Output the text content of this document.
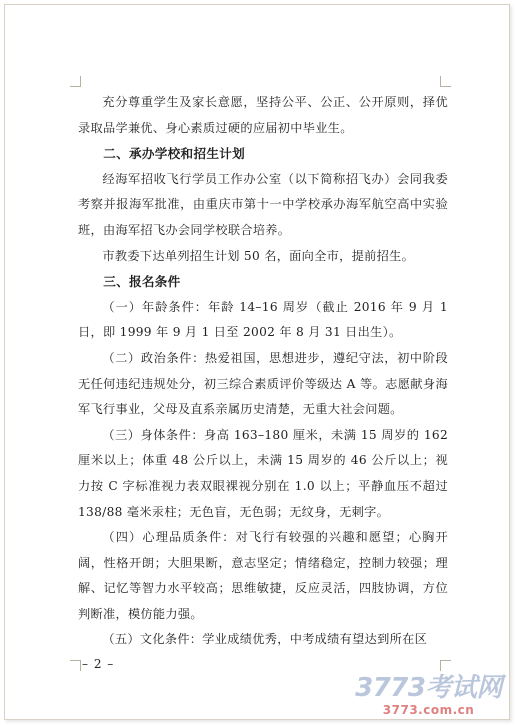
充分尊重学生及家长意愿，坚持公平、公正、公开原则，择优录取品学兼优、身心素质过硬的应届初中毕业生。

二、承办学校和招生计划

经海军招收飞行学员工作办公室（以下简称招飞办）会同我委考察并报海军批准，由重庆市第十一中学校承办海军航空高中实验班，由海军招飞办会同学校联合培养。

市教委下达单列招生计划 50 名，面向全市，提前招生。

三、报名条件

（一）年龄条件：年龄 14–16 周岁（截止 2016 年 9 月 1 日，即 1999 年 9 月 1 日至 2002 年 8 月 31 日出生）。

（二）政治条件：热爱祖国，思想进步，遵纪守法，初中阶段无任何违纪违规处分，初三综合素质评价等级达 A 等。志愿献身海军飞行事业，父母及直系亲属历史清楚，无重大社会问题。

（三）身体条件：身高 163–180 厘米，未满 15 周岁的 162 厘米以上；体重 48 公斤以上，未满 15 周岁的 46 公斤以上；视力按 C 字标准视力表双眼裸视分别在 1.0 以上；平静血压不超过 138/88 毫米汞柱；无色盲，无色弱；无纹身，无刺字。

（四）心理品质条件：对飞行有较强的兴趣和愿望；心胸开阔，性格开朗；大胆果断，意志坚定；情绪稳定，控制力较强；理解、记忆等智力水平较高；思维敏捷，反应灵活，四肢协调，方位判断准，模仿能力强。

（五）文化条件：学业成绩优秀，中考成绩有望达到所在区

– 2 –
3773考试网
3773.com.cn
